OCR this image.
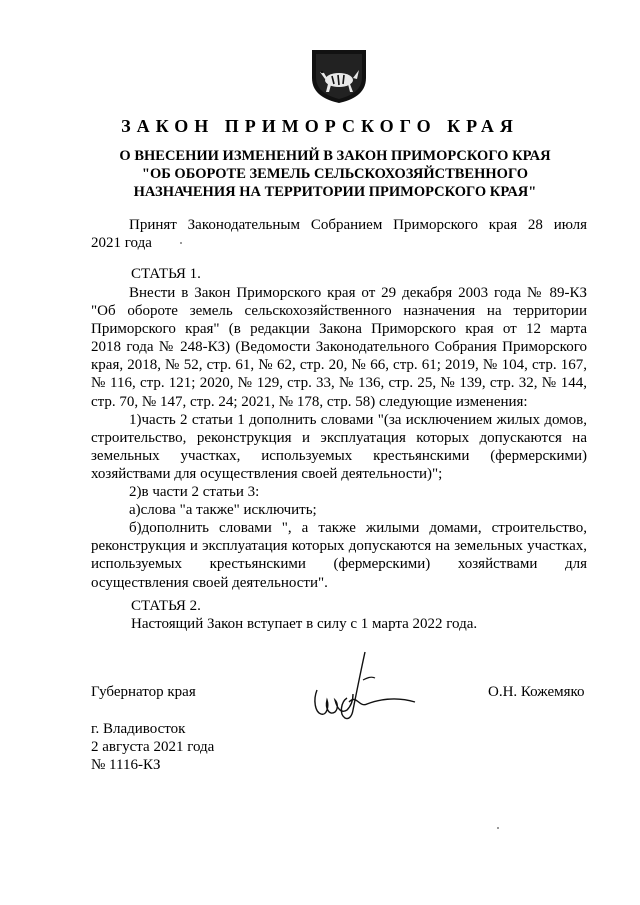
ЗАКОН ПРИМОРСКОГО КРАЯ
О ВНЕСЕНИИ ИЗМЕНЕНИЙ В ЗАКОН ПРИМОРСКОГО КРАЯ
"ОБ ОБОРОТЕ ЗЕМЕЛЬ СЕЛЬСКОХОЗЯЙСТВЕННОГО
НАЗНАЧЕНИЯ НА ТЕРРИТОРИИ ПРИМОРСКОГО КРАЯ"
Принят Законодательным Собранием Приморского края 28 июля
2021 года
СТАТЬЯ 1.
Внести в Закон Приморского края от 29 декабря 2003 года № 89-КЗ
"Об обороте земель сельскохозяйственного назначения на территории
Приморского края" (в редакции Закона Приморского края от 12 марта
2018 года № 248-КЗ) (Ведомости Законодательного Собрания Приморского
края, 2018, № 52, стр. 61, № 62, стр. 20, № 66, стр. 61; 2019, № 104, стр. 167,
№ 116, стр. 121; 2020, № 129, стр. 33, № 136, стр. 25, № 139, стр. 32, № 144,
стр. 70, № 147, стр. 24; 2021, № 178, стр. 58) следующие изменения:
1)часть 2 статьи 1 дополнить словами "(за исключением жилых домов,
строительство, реконструкция и эксплуатация которых допускаются на
земельных участках, используемых крестьянскими (фермерскими)
хозяйствами для осуществления своей деятельности)";
2)в части 2 статьи 3:
а)слова "а также" исключить;
б)дополнить словами ", а также жилыми домами, строительство,
реконструкция и эксплуатация которых допускаются на земельных участках,
используемых крестьянскими (фермерскими) хозяйствами для
осуществления своей деятельности".
СТАТЬЯ 2.
Настоящий Закон вступает в силу с 1 марта 2022 года.
Губернатор края	О.Н. Кожемяко
г. Владивосток
2 августа 2021 года
№ 1116-КЗ
